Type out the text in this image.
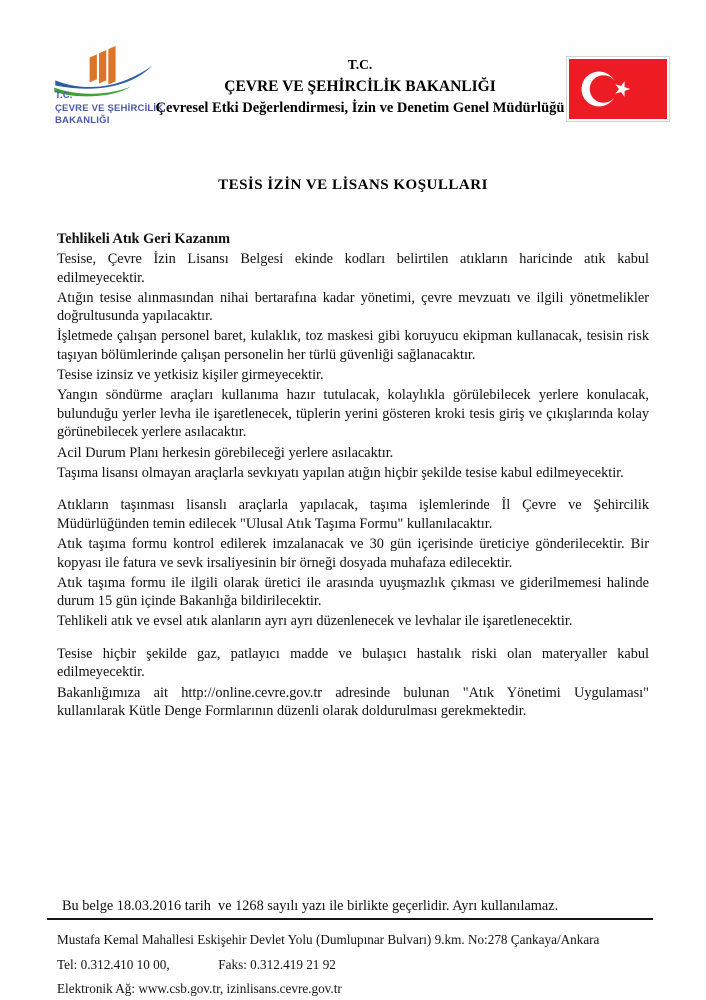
T.C.
ÇEVRE VE ŞEHİRCİLİK
BAKANLIĞI
T.C.
ÇEVRE VE ŞEHİRCİLİK BAKANLIĞI
Çevresel Etki Değerlendirmesi, İzin ve Denetim Genel Müdürlüğü
TESİS İZİN VE LİSANS KOŞULLARI

Tehlikeli Atık Geri Kazanım

Tesise, Çevre İzin Lisansı Belgesi ekinde kodları belirtilen atıkların haricinde atık kabul edilmeyecektir.

Atığın tesise alınmasından nihai bertarafına kadar yönetimi, çevre mevzuatı ve ilgili yönetmelikler doğrultusunda yapılacaktır.

İşletmede çalışan personel baret, kulaklık, toz maskesi gibi koruyucu ekipman kullanacak, tesisin risk taşıyan bölümlerinde çalışan personelin her türlü güvenliği sağlanacaktır.

Tesise izinsiz ve yetkisiz kişiler girmeyecektir.

Yangın söndürme araçları kullanıma hazır tutulacak, kolaylıkla görülebilecek yerlere konulacak, bulunduğu yerler levha ile işaretlenecek, tüplerin yerini gösteren kroki tesis giriş ve çıkışlarında kolay görünebilecek yerlere asılacaktır.

Acil Durum Planı herkesin görebileceği yerlere asılacaktır.

Taşıma lisansı olmayan araçlarla sevkıyatı yapılan atığın hiçbir şekilde tesise kabul edilmeyecektir.

Atıkların taşınması lisanslı araçlarla yapılacak, taşıma işlemlerinde İl Çevre ve Şehircilik Müdürlüğünden temin edilecek "Ulusal Atık Taşıma Formu" kullanılacaktır.

Atık taşıma formu kontrol edilerek imzalanacak ve 30 gün içerisinde üreticiye gönderilecektir. Bir kopyası ile fatura ve sevk irsaliyesinin bir örneği dosyada muhafaza edilecektir.

Atık taşıma formu ile ilgili olarak üretici ile arasında uyuşmazlık çıkması ve giderilmemesi halinde durum 15 gün içinde Bakanlığa bildirilecektir.

Tehlikeli atık ve evsel atık alanların ayrı ayrı düzenlenecek ve levhalar ile işaretlenecektir.

Tesise hiçbir şekilde gaz, patlayıcı madde ve bulaşıcı hastalık riski olan materyaller kabul edilmeyecektir.

Bakanlığımıza ait http://online.cevre.gov.tr adresinde bulunan "Atık Yönetimi Uygulaması" kullanılarak Kütle Denge Formlarının düzenli olarak doldurulması gerekmektedir.

Bu belge 18.03.2016 tarih  ve 1268 sayılı yazı ile birlikte geçerlidir. Ayrı kullanılamaz.
Mustafa Kemal Mahallesi Eskişehir Devlet Yolu (Dumlupınar Bulvarı) 9.km. No:278 Çankaya/Ankara
Tel: 0.312.410 10 00,	Faks: 0.312.419 21 92
Elektronik Ağ: www.csb.gov.tr, izinlisans.cevre.gov.tr
